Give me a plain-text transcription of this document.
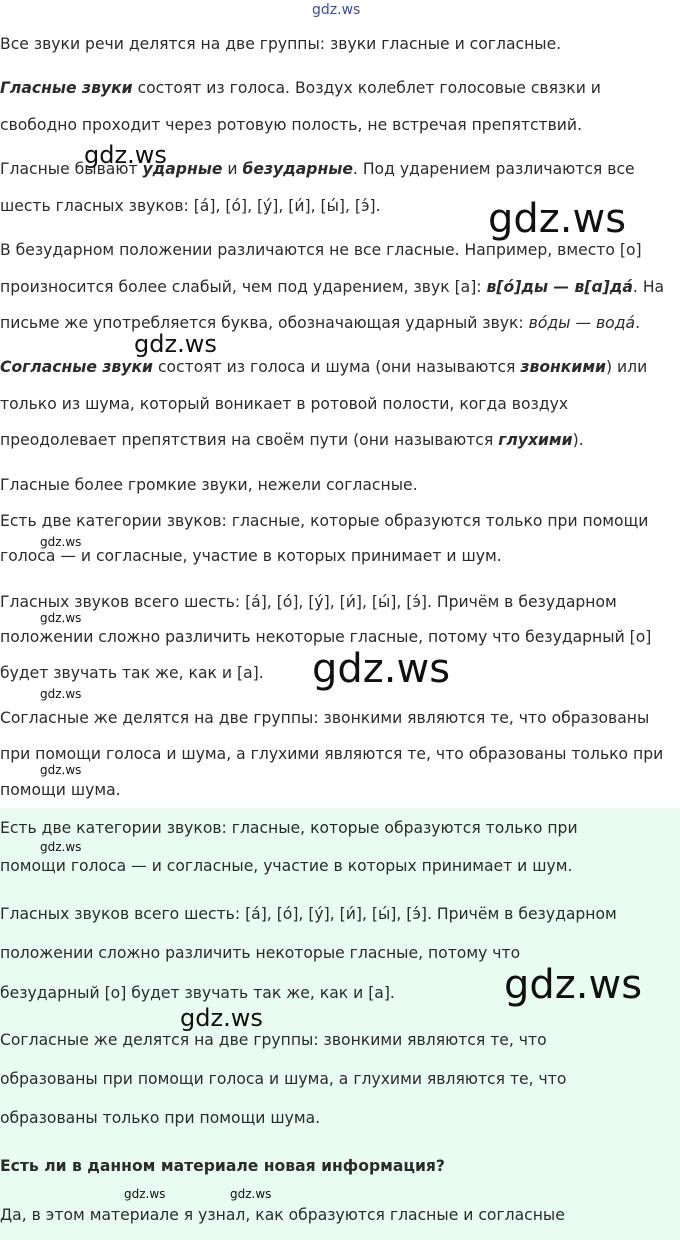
gdz.ws
Все звуки речи делятся на две группы: звуки гласные и согласные.
Гласные звуки состоят из голоса. Воздух колеблет голосовые связки и
свободно проходит через ротовую полость, не встречая препятствий.
Гласные бывают ударные и безударные. Под ударением различаются все
шесть гласных звуков: [а́], [о́], [у́], [и́], [ы́], [э́].
В безударном положении различаются не все гласные. Например, вместо [о]
произносится более слабый, чем под ударением, звук [а]: в[о́]ды — в[ɑ]да́. На
письме же употребляется буква, обозначающая ударный звук: во́ды — вода́.
Согласные звуки состоят из голоса и шума (они называются звонкими) или
только из шума, который воникает в ротовой полости, когда воздух
преодолевает препятствия на своём пути (они называются глухими).
Гласные более громкие звуки, нежели согласные.
Есть две категории звуков: гласные, которые образуются только при помощи
голоса — и согласные, участие в которых принимает и шум.
Гласных звуков всего шесть: [а́], [о́], [у́], [и́], [ы́], [э́]. Причём в безударном
положении сложно различить некоторые гласные, потому что безударный [о]
будет звучать так же, как и [а].
Согласные же делятся на две группы: звонкими являются те, что образованы
при помощи голоса и шума, а глухими являются те, что образованы только при
помощи шума.
Есть две категории звуков: гласные, которые образуются только при
помощи голоса — и согласные, участие в которых принимает и шум.
Гласных звуков всего шесть: [а́], [о́], [у́], [и́], [ы́], [э́]. Причём в безударном
положении сложно различить некоторые гласные, потому что
безударный [о] будет звучать так же, как и [а].
Согласные же делятся на две группы: звонкими являются те, что
образованы при помощи голоса и шума, а глухими являются те, что
образованы только при помощи шума.
Есть ли в данном материале новая информация?
Да, в этом материале я узнал, как образуются гласные и согласные
gdz.ws
gdz.ws
gdz.ws
gdz.ws
gdz.ws
gdz.ws
gdz.ws
gdz.ws
gdz.ws
gdz.ws
gdz.ws
gdz.ws	gdz.ws
